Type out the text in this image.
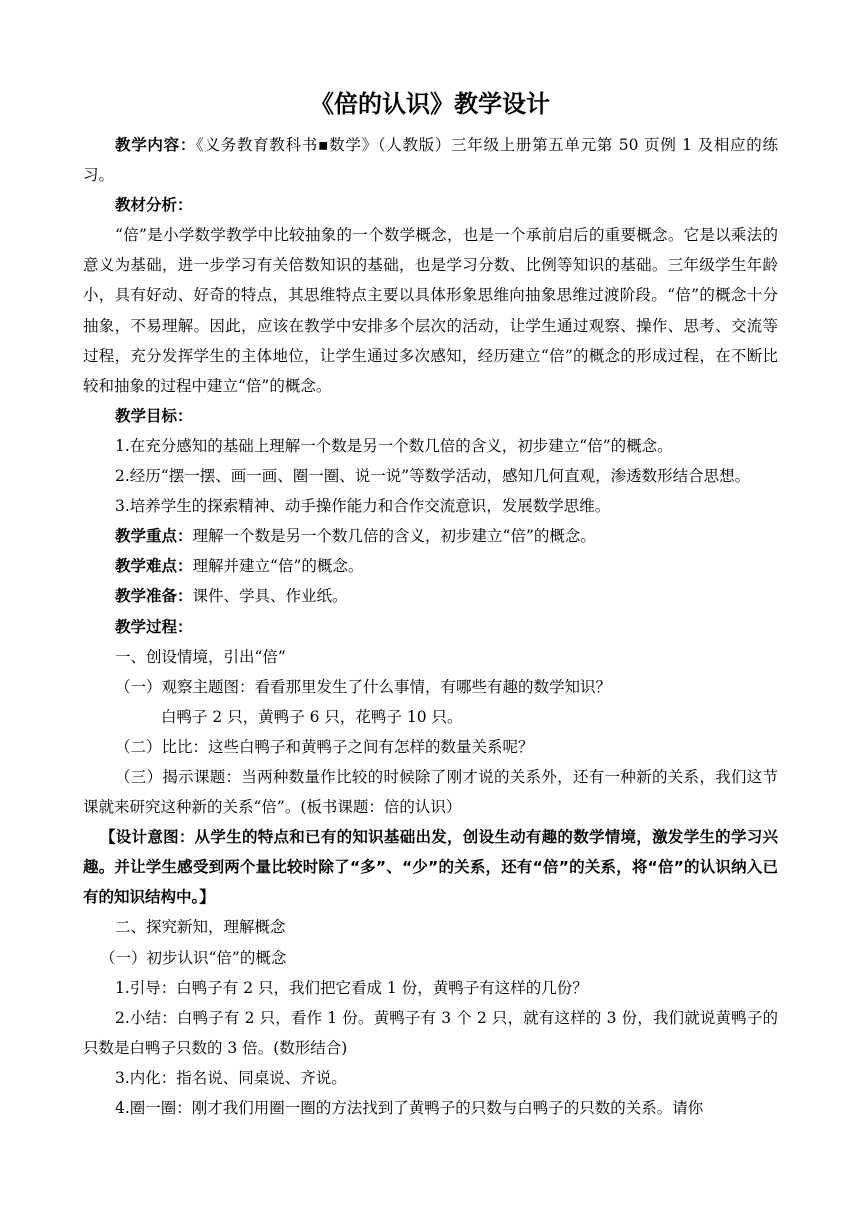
《倍的认识》教学设计

教学内容：《义务教育教科书▪数学》（人教版）三年级上册第五单元第 50 页例 1 及相应的练习。

教材分析：

“倍”是小学数学教学中比较抽象的一个数学概念，也是一个承前启后的重要概念。它是以乘法的意义为基础，进一步学习有关倍数知识的基础，也是学习分数、比例等知识的基础。三年级学生年龄小，具有好动、好奇的特点，其思维特点主要以具体形象思维向抽象思维过渡阶段。“倍”的概念十分抽象，不易理解。因此，应该在教学中安排多个层次的活动，让学生通过观察、操作、思考、交流等过程，充分发挥学生的主体地位，让学生通过多次感知，经历建立“倍”的概念的形成过程，在不断比较和抽象的过程中建立“倍”的概念。

教学目标：

1.在充分感知的基础上理解一个数是另一个数几倍的含义，初步建立“倍”的概念。

2.经历“摆一摆、画一画、圈一圈、说一说”等数学活动，感知几何直观，渗透数形结合思想。

3.培养学生的探索精神、动手操作能力和合作交流意识，发展数学思维。

教学重点：理解一个数是另一个数几倍的含义，初步建立“倍”的概念。

教学难点：理解并建立“倍”的概念。

教学准备：课件、学具、作业纸。

教学过程：

一、创设情境，引出“倍”

（一）观察主题图：看看那里发生了什么事情，有哪些有趣的数学知识？

白鸭子 2 只，黄鸭子 6 只，花鸭子 10 只。

（二）比比：这些白鸭子和黄鸭子之间有怎样的数量关系呢？

（三）揭示课题：当两种数量作比较的时候除了刚才说的关系外，还有一种新的关系，我们这节课就来研究这种新的关系“倍”。(板书课题：倍的认识）

【设计意图：从学生的特点和已有的知识基础出发，创设生动有趣的数学情境，激发学生的学习兴趣。并让学生感受到两个量比较时除了“多”、“少”的关系，还有“倍”的关系，将“倍”的认识纳入已有的知识结构中。】

二、探究新知，理解概念

（一）初步认识“倍”的概念

1.引导：白鸭子有 2 只，我们把它看成 1 份，黄鸭子有这样的几份？

2.小结：白鸭子有 2 只，看作 1 份。黄鸭子有 3 个 2 只，就有这样的 3 份，我们就说黄鸭子的只数是白鸭子只数的 3 倍。(数形结合)

3.内化：指名说、同桌说、齐说。

4.圈一圈：刚才我们用圈一圈的方法找到了黄鸭子的只数与白鸭子的只数的关系。请你
